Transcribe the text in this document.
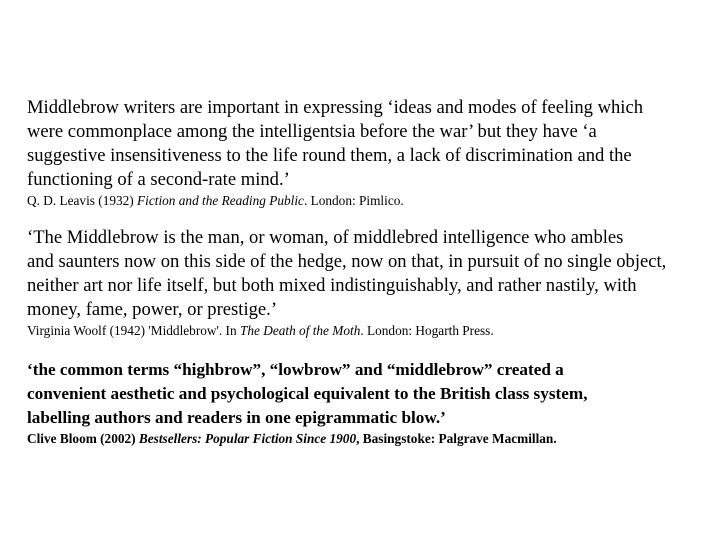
Middlebrow writers are important in expressing ‘ideas and modes of feeling which
were commonplace among the intelligentsia before the war’ but they have ‘a
suggestive insensitiveness to the life round them, a lack of discrimination and the
functioning of a second-rate mind.’

Q. D. Leavis (1932) Fiction and the Reading Public. London: Pimlico.

‘The Middlebrow is the man, or woman, of middlebred intelligence who ambles
and saunters now on this side of the hedge, now on that, in pursuit of no single object,
neither art nor life itself, but both mixed indistinguishably, and rather nastily, with
money, fame, power, or prestige.’

Virginia Woolf (1942) 'Middlebrow'. In The Death of the Moth. London: Hogarth Press.

‘the common terms “highbrow”, “lowbrow” and “middlebrow” created a
convenient aesthetic and psychological equivalent to the British class system,
labelling authors and readers in one epigrammatic blow.’

Clive Bloom (2002) Bestsellers: Popular Fiction Since 1900, Basingstoke: Palgrave Macmillan.
